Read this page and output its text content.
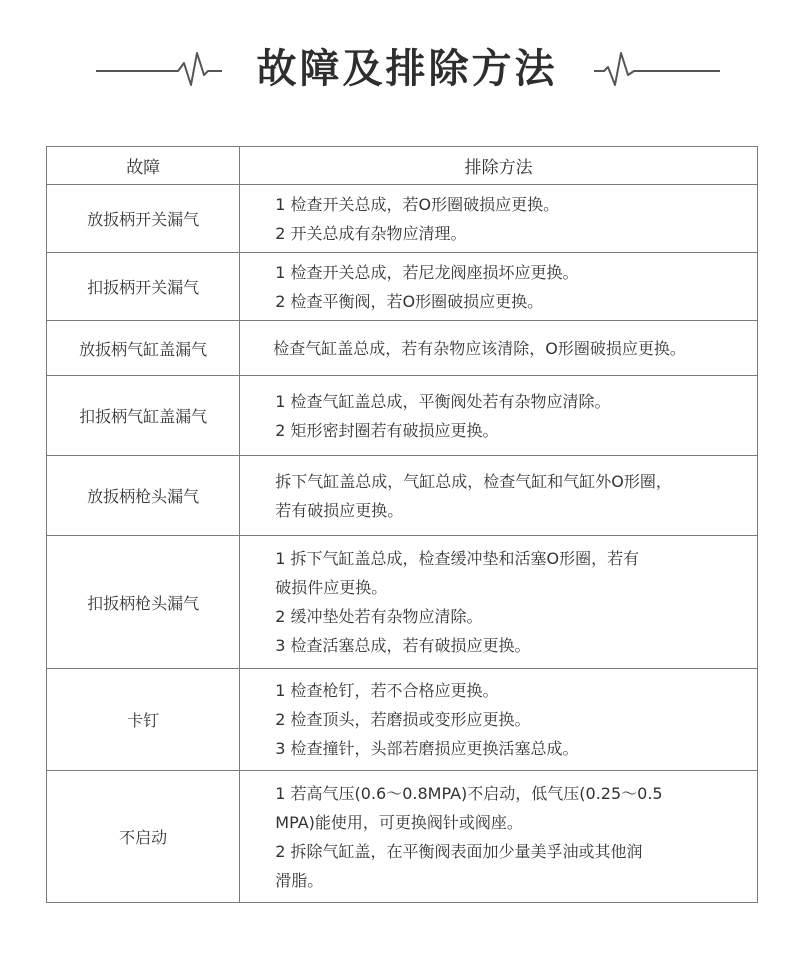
故障及排除方法
故障	排除方法
放扳柄开关漏气	1 检查开关总成，若O形圈破损应更换。
2 开关总成有杂物应清理。

扣扳柄开关漏气	1 检查开关总成，若尼龙阀座损坏应更换。
2 检查平衡阀，若O形圈破损应更换。

放扳柄气缸盖漏气	检查气缸盖总成，若有杂物应该清除，O形圈破损应更换。

扣扳柄气缸盖漏气	1 检查气缸盖总成，平衡阀处若有杂物应清除。
2 矩形密封圈若有破损应更换。

放扳柄枪头漏气	拆下气缸盖总成，气缸总成，检查气缸和气缸外O形圈，
若有破损应更换。

扣扳柄枪头漏气	1 拆下气缸盖总成，检查缓冲垫和活塞O形圈，若有
破损件应更换。
2 缓冲垫处若有杂物应清除。
3 检查活塞总成，若有破损应更换。

卡钉	1 检查枪钉，若不合格应更换。
2 检查顶头，若磨损或变形应更换。
3 检查撞针，头部若磨损应更换活塞总成。

不启动	1 若高气压(0.6～0.8MPA)不启动，低气压(0.25～0.5
MPA)能使用，可更换阀针或阀座。
2 拆除气缸盖，在平衡阀表面加少量美孚油或其他润
滑脂。
